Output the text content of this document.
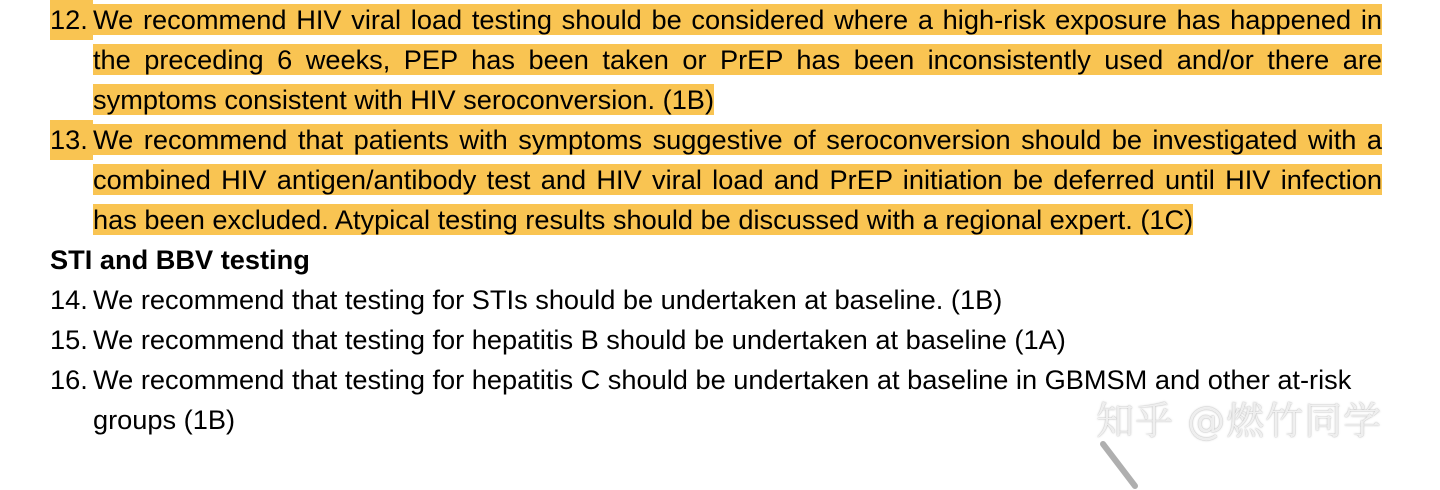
12. We recommend HIV viral load testing should be considered where a high-risk exposure has happened in the preceding 6 weeks, PEP has been taken or PrEP has been inconsistently used and/or there are symptoms consistent with HIV seroconversion. (1B)
13. We recommend that patients with symptoms suggestive of seroconversion should be investigated with a combined HIV antigen/antibody test and HIV viral load and PrEP initiation be deferred until HIV infection has been excluded. Atypical testing results should be discussed with a regional expert. (1C)
STI and BBV testing
14. We recommend that testing for STIs should be undertaken at baseline. (1B)
15. We recommend that testing for hepatitis B should be undertaken at baseline (1A)
16. We recommend that testing for hepatitis C should be undertaken at baseline in GBMSM and other at-risk groups (1B)	知乎 @燃竹同学
